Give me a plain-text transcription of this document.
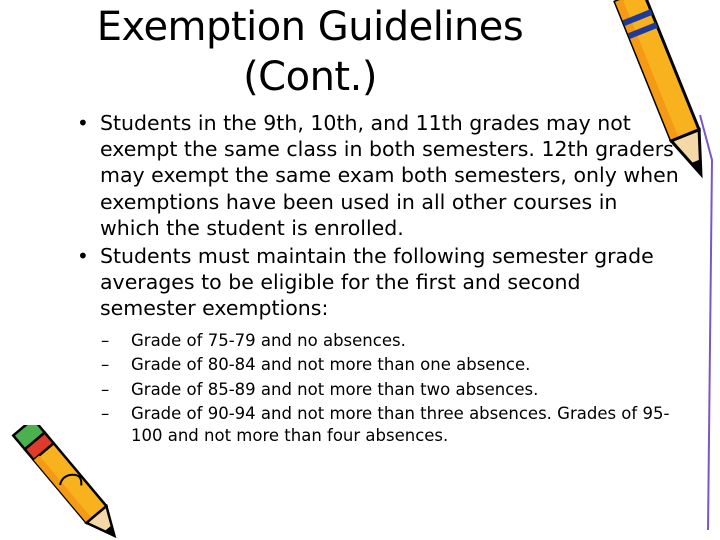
Exemption Guidelines
(Cont.)
• Students in the 9th, 10th, and 11th grades may not exempt the same class in both semesters. 12th graders may exempt the same exam both semesters, only when exemptions have been used in all other courses in which the student is enrolled.
• Students must maintain the following semester grade averages to be eligible for the first and second semester exemptions:
– Grade of 75-79 and no absences.
– Grade of 80-84 and not more than one absence.
– Grade of 85-89 and not more than two absences.
– Grade of 90-94 and not more than three absences. Grades of 95-100 and not more than four absences.
